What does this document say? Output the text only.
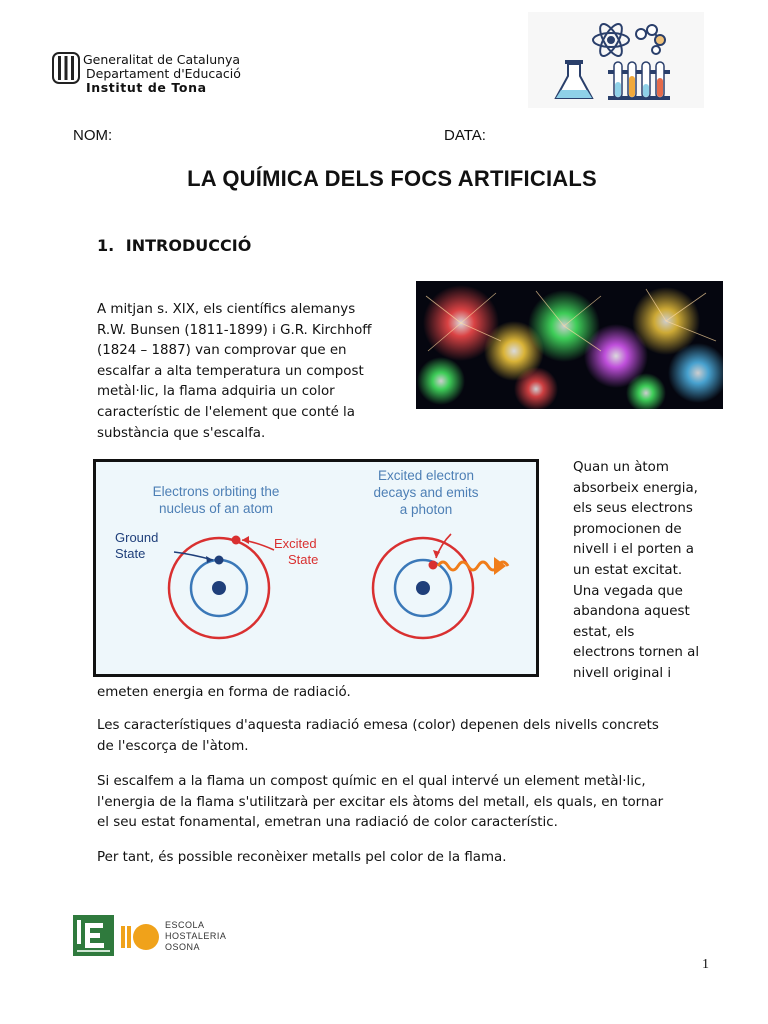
Generalitat de Catalunya
Departament d'Educació
Institut de Tona
NOM:	DATA:
LA QUÍMICA DELS FOCS ARTIFICIALS
1. INTRODUCCIÓ
A mitjan s. XIX, els científics alemanys
R.W. Bunsen (1811-1899) i G.R. Kirchhoff
(1824 – 1887) van comprovar que en
escalfar a alta temperatura un compost
metàl·lic, la flama adquiria un color
característic de l'element que conté la
substància que s'escalfa.
Electrons orbiting the
nucleus of an atom
Ground
State
Excited
State
Excited electron
decays and emits
a photon
Quan un àtom
absorbeix energia,
els seus electrons
promocionen de
nivell i el porten a
un estat excitat.
Una vegada que
abandona aquest
estat, els
electrons tornen al
nivell original i
emeten energia en forma de radiació.
Les característiques d'aquesta radiació emesa (color) depenen dels nivells concrets
de l'escorça de l'àtom.
Si escalfem a la flama un compost químic en el qual intervé un element metàl·lic,
l'energia de la flama s'utilitzarà per excitar els àtoms del metall, els quals, en tornar
el seu estat fonamental, emetran una radiació de color característic.
Per tant, és possible reconèixer metalls pel color de la flama.
ESCOLA
HOSTALERIA
OSONA
1
